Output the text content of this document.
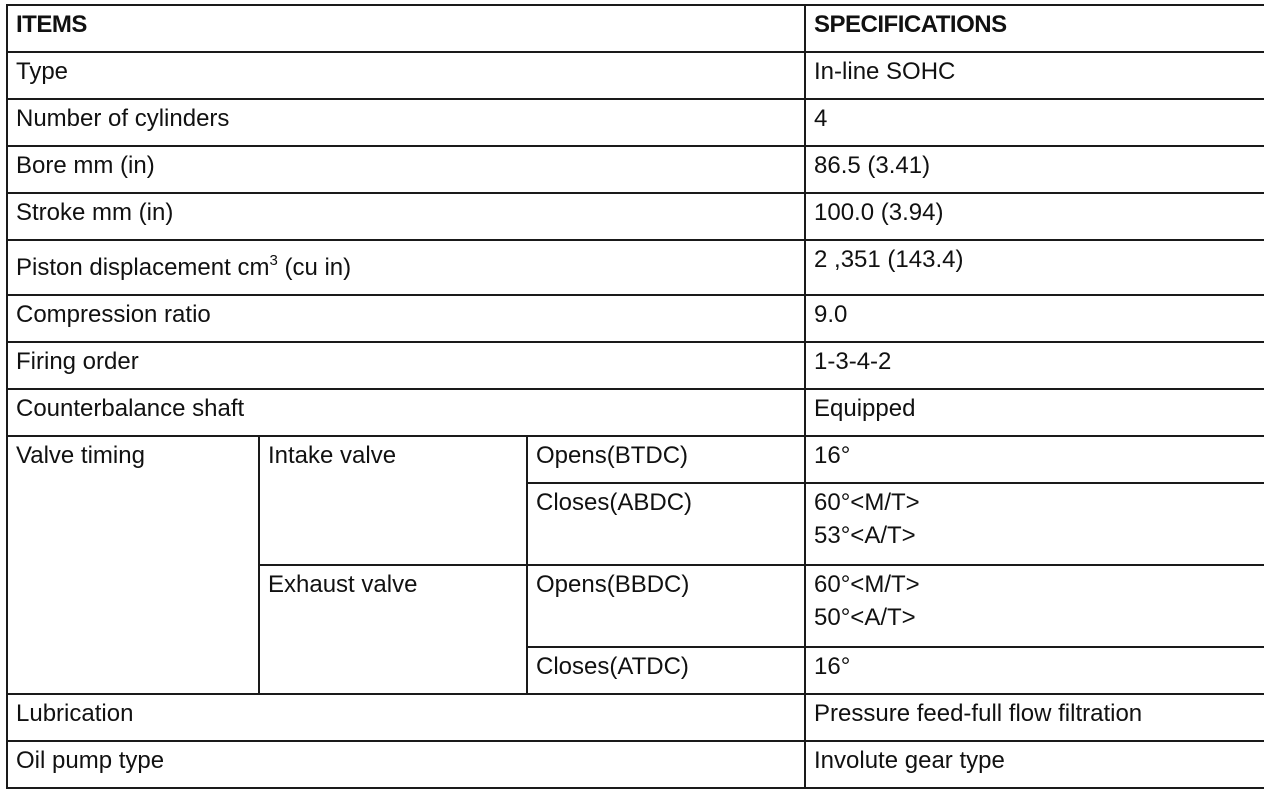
ITEMS			SPECIFICATIONS
Type			In-line SOHC
Number of cylinders			4
Bore mm (in)			86.5 (3.41)
Stroke mm (in)			100.0 (3.94)
Piston displacement $cm^3$ (cu in)			2 ,351 (143.4)
Compression ratio			9.0
Firing order			1-3-4-2
Counterbalance shaft			Equipped
Valve timing	Intake valve	Opens(BTDC)	16°
		Closes(ABDC)	60°<M/T>
53°<A/T>

	Exhaust valve	Opens(BBDC)	60°<M/T>
50°<A/T>

		Closes(ATDC)	16°
Lubrication			Pressure feed-full flow filtration
Oil pump type			Involute gear type
